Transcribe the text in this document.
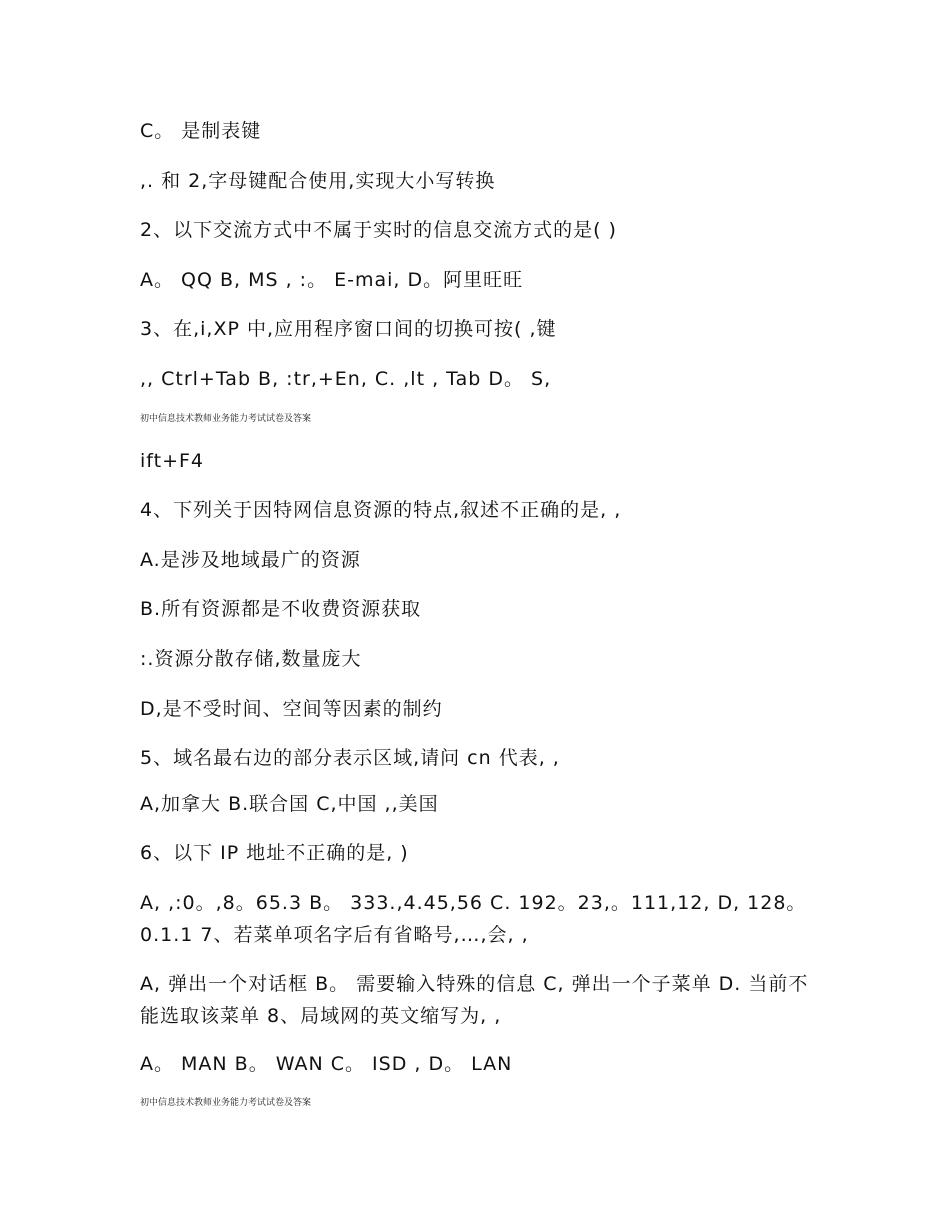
C。 是制表键
,. 和 2,字母键配合使用,实现大小写转换
2、以下交流方式中不属于实时的信息交流方式的是( )
A。 QQ B, MS , :。 E-mai, D。阿里旺旺
3、在,i,XP 中,应用程序窗口间的切换可按( ,键
,, Ctrl+Tab B, :tr,+En, C. ,lt , Tab D。 S,
初中信息技术教师业务能力考试试卷及答案
ift+F4
4、下列关于因特网信息资源的特点,叙述不正确的是, ,
A.是涉及地域最广的资源
B.所有资源都是不收费资源获取
:.资源分散存储,数量庞大
D,是不受时间、空间等因素的制约
5、域名最右边的部分表示区域,请问 cn 代表, ,
A,加拿大 B.联合国 C,中国 ,,美国
6、以下 IP 地址不正确的是, )
A, ,:0。,8。65.3 B。 333.,4.45,56 C. 192。23,。111,12, D, 128。0.1.1 7、若菜单项名字后有省略号,…,会, ,
A, 弹出一个对话框 B。 需要输入特殊的信息 C, 弹出一个子菜单 D. 当前不能选取该菜单 8、局域网的英文缩写为, ,
A。 MAN B。 WAN C。 ISD , D。 LAN
初中信息技术教师业务能力考试试卷及答案
